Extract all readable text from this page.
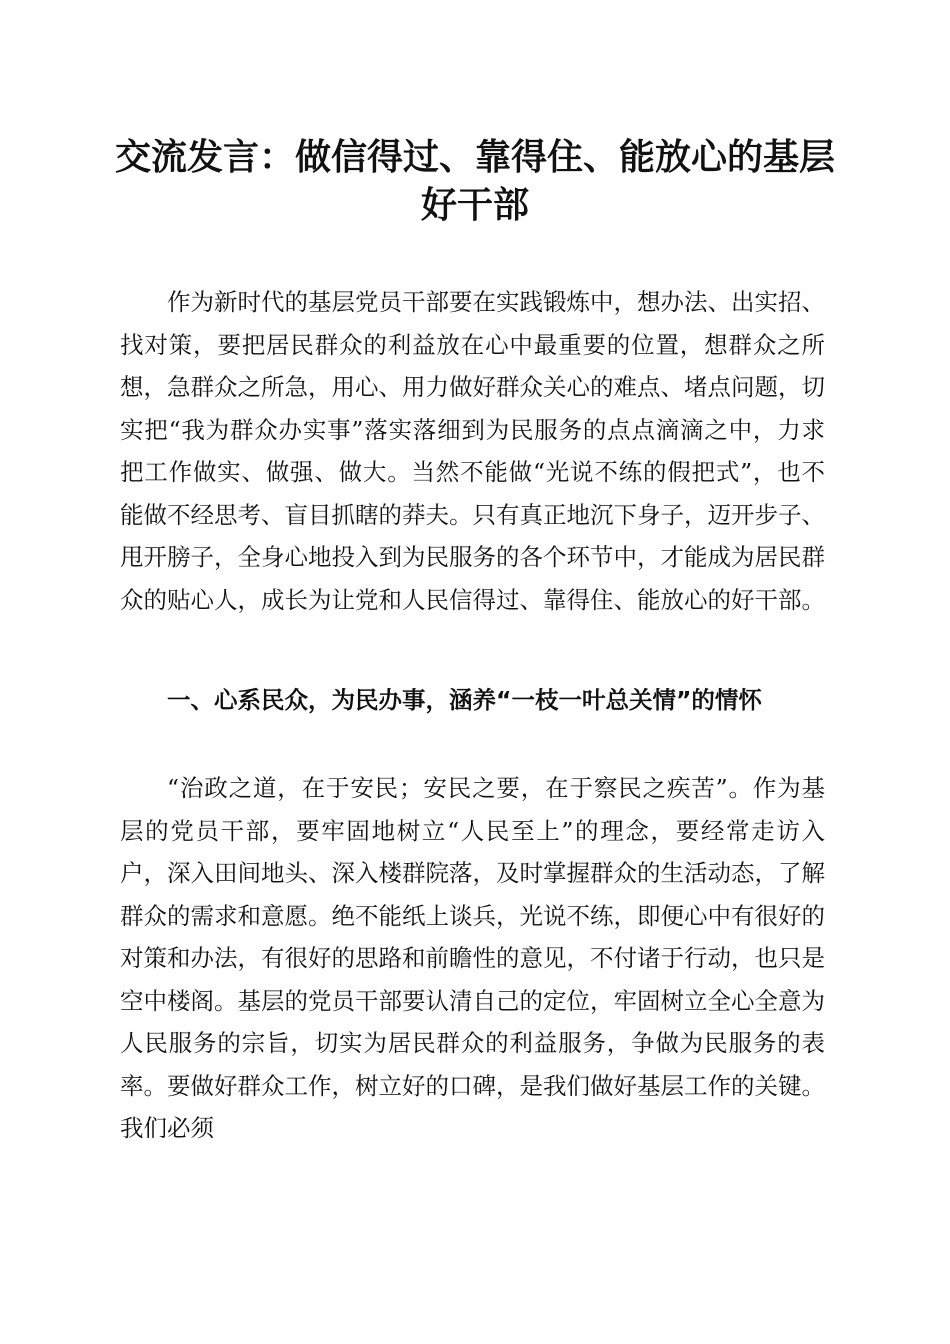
交流发言：做信得过、靠得住、能放心的基层好干部

作为新时代的基层党员干部要在实践锻炼中，想办法、出实招、找对策，要把居民群众的利益放在心中最重要的位置，想群众之所想，急群众之所急，用心、用力做好群众关心的难点、堵点问题，切实把“我为群众办实事”落实落细到为民服务的点点滴滴之中，力求把工作做实、做强、做大。当然不能做“光说不练的假把式”，也不能做不经思考、盲目抓瞎的莽夫。只有真正地沉下身子，迈开步子、甩开膀子，全身心地投入到为民服务的各个环节中，才能成为居民群众的贴心人，成长为让党和人民信得过、靠得住、能放心的好干部。

一、心系民众，为民办事，涵养“一枝一叶总关情”的情怀

“治政之道，在于安民；安民之要，在于察民之疾苦”。作为基层的党员干部，要牢固地树立“人民至上”的理念，要经常走访入户，深入田间地头、深入楼群院落，及时掌握群众的生活动态，了解群众的需求和意愿。绝不能纸上谈兵，光说不练，即便心中有很好的对策和办法，有很好的思路和前瞻性的意见，不付诸于行动，也只是空中楼阁。基层的党员干部要认清自己的定位，牢固树立全心全意为人民服务的宗旨，切实为居民群众的利益服务，争做为民服务的表率。要做好群众工作，树立好的口碑，是我们做好基层工作的关键。我们必须
